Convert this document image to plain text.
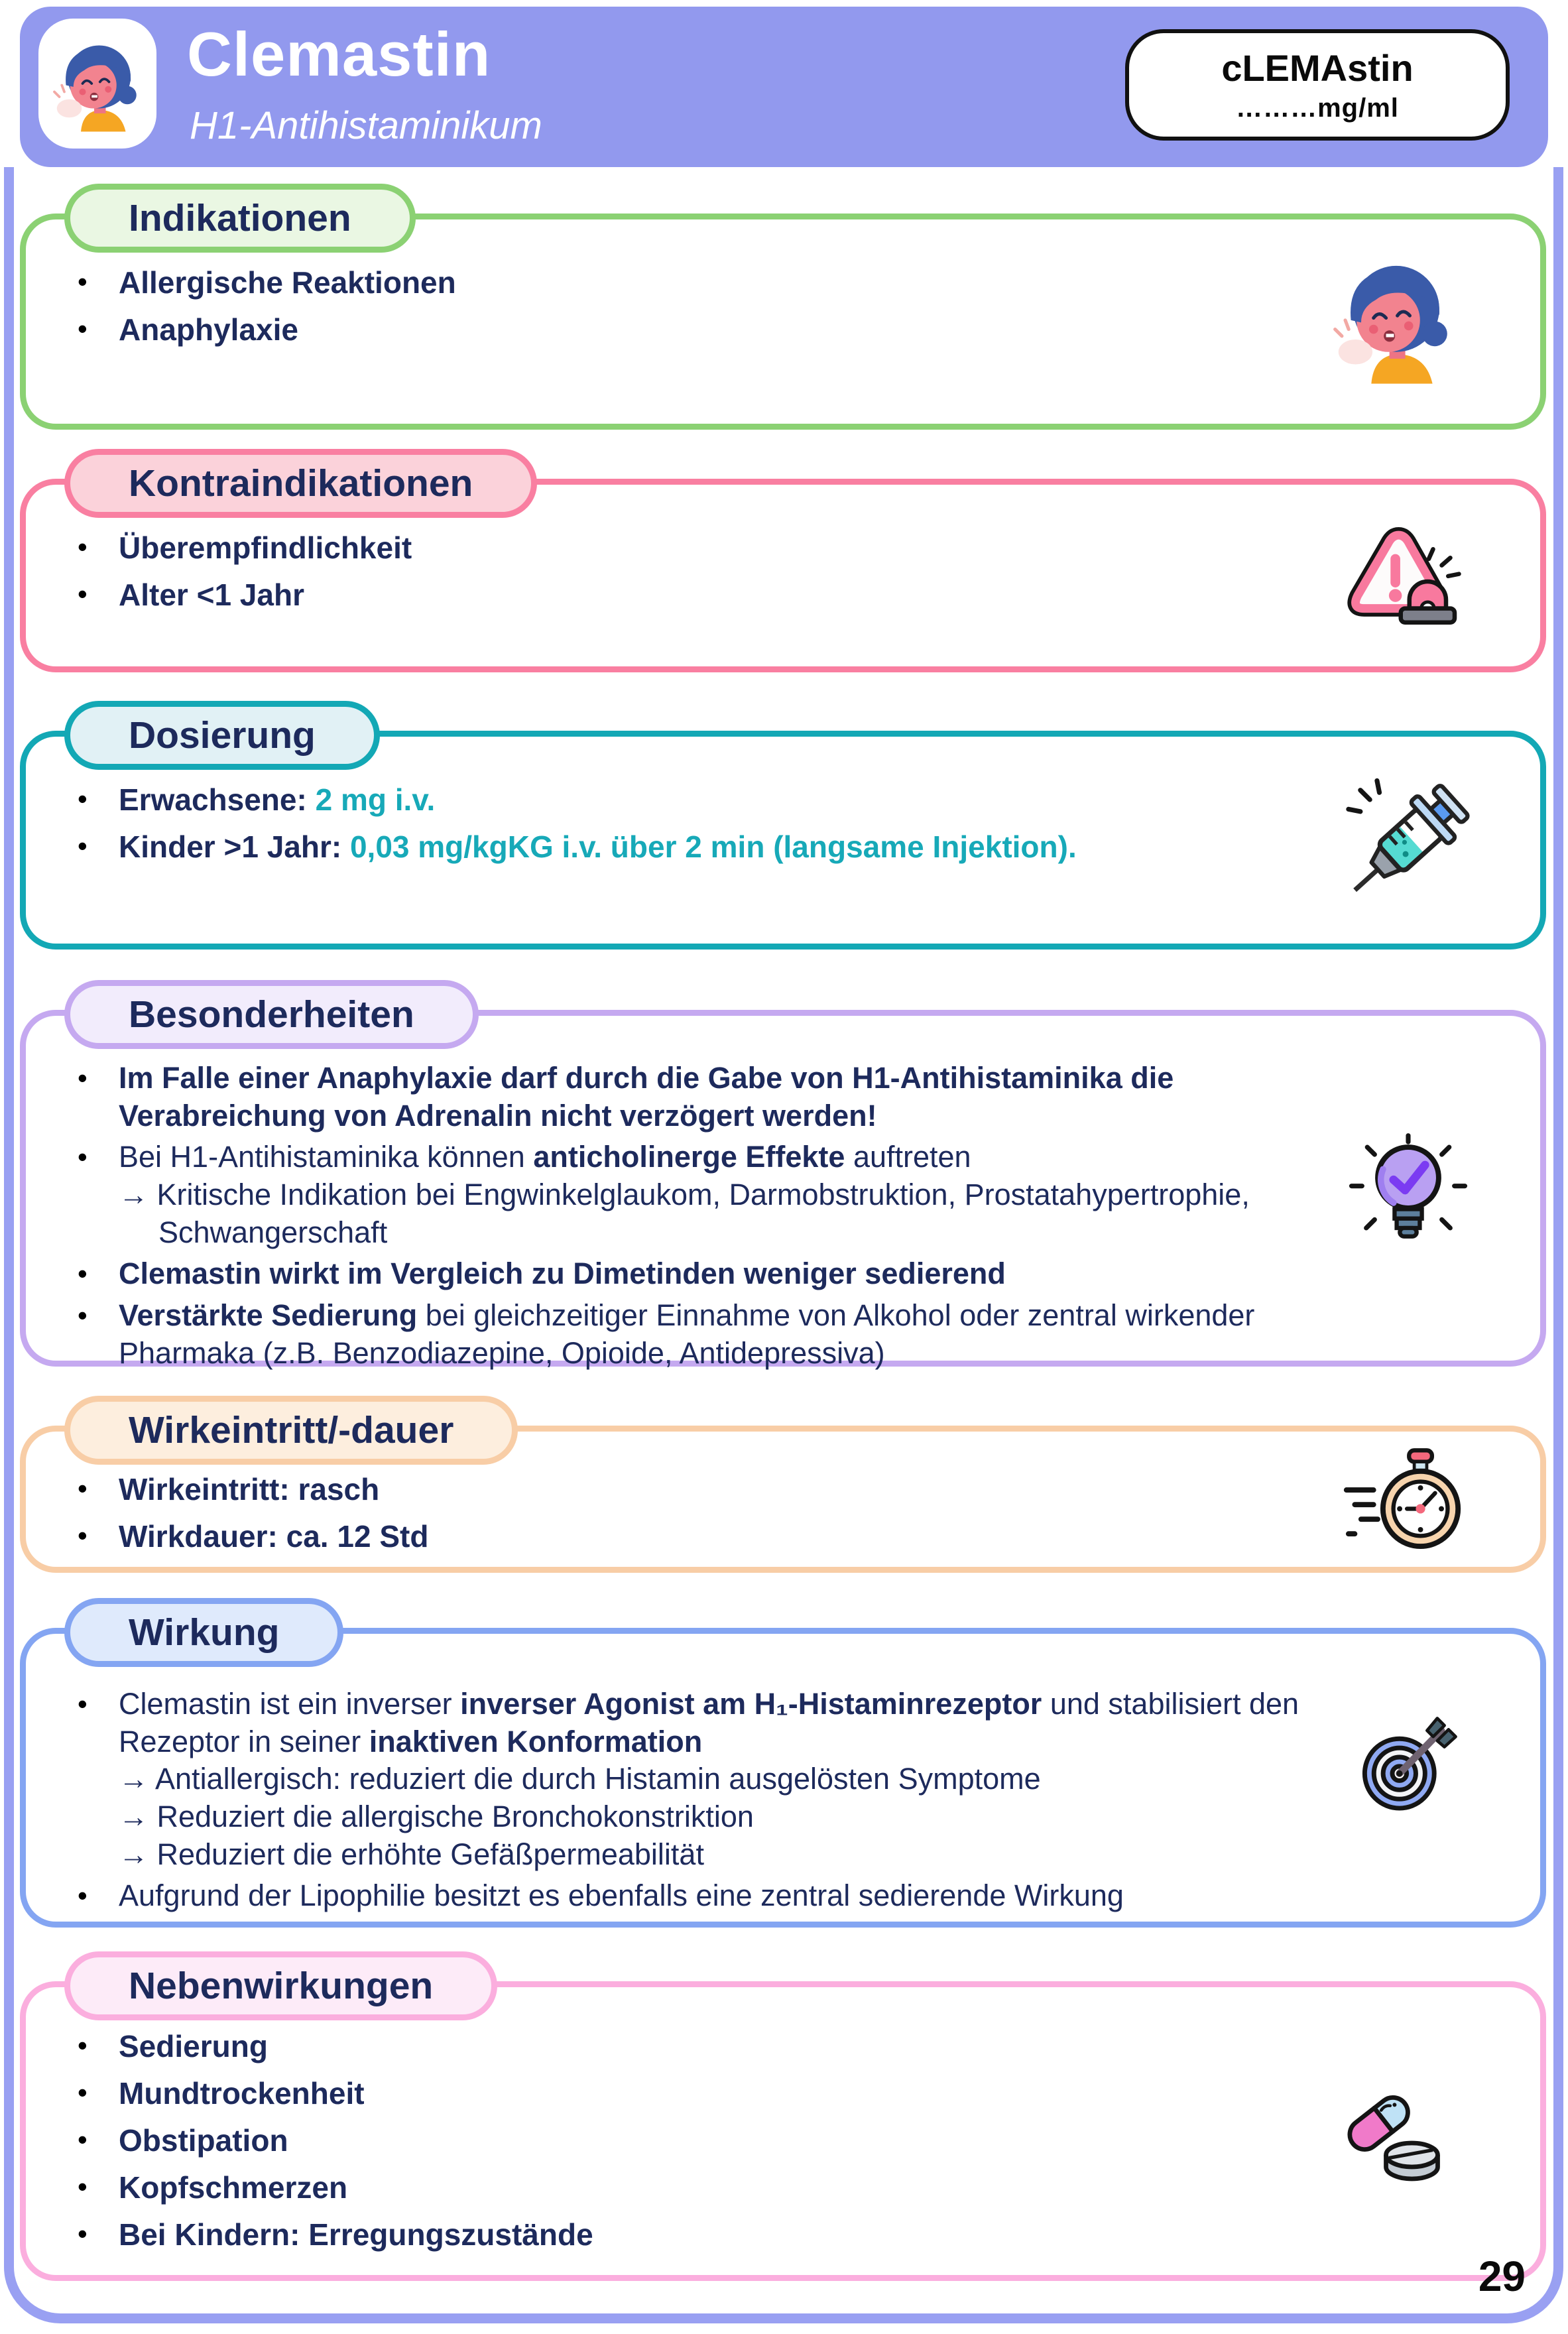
Clemastin
H1-Antihistaminikum
cLEMAstin
………mg/ml
Indikationen
• Allergische Reaktionen
• Anaphylaxie
Kontraindikationen
• Überempfindlichkeit
• Alter <1 Jahr
Dosierung
• Erwachsene: 2 mg i.v.
• Kinder >1 Jahr: 0,03 mg/kgKG i.v. über 2 min (langsame Injektion).
Besonderheiten
• Im Falle einer Anaphylaxie darf durch die Gabe von H1-Antihistaminika die Verabreichung von Adrenalin nicht verzögert werden!
• Bei H1-Antihistaminika können anticholinerge Effekte auftreten
→ Kritische Indikation bei Engwinkelglaukom, Darmobstruktion, Prostatahypertrophie, Schwangerschaft
• Clemastin wirkt im Vergleich zu Dimetinden weniger sedierend
• Verstärkte Sedierung bei gleichzeitiger Einnahme von Alkohol oder zentral wirkender Pharmaka (z.B. Benzodiazepine, Opioide, Antidepressiva)
Wirkeintritt/-dauer
• Wirkeintritt: rasch
• Wirkdauer: ca. 12 Std
Wirkung
• Clemastin ist ein inverser inverser Agonist am H₁-Histaminrezeptor und stabilisiert den Rezeptor in seiner inaktiven Konformation
→ Antiallergisch: reduziert die durch Histamin ausgelösten Symptome
→ Reduziert die allergische Bronchokonstriktion
→ Reduziert die erhöhte Gefäßpermeabilität
• Aufgrund der Lipophilie besitzt es ebenfalls eine zentral sedierende Wirkung
Nebenwirkungen
• Sedierung
• Mundtrockenheit
• Obstipation
• Kopfschmerzen
• Bei Kindern: Erregungszustände
29
